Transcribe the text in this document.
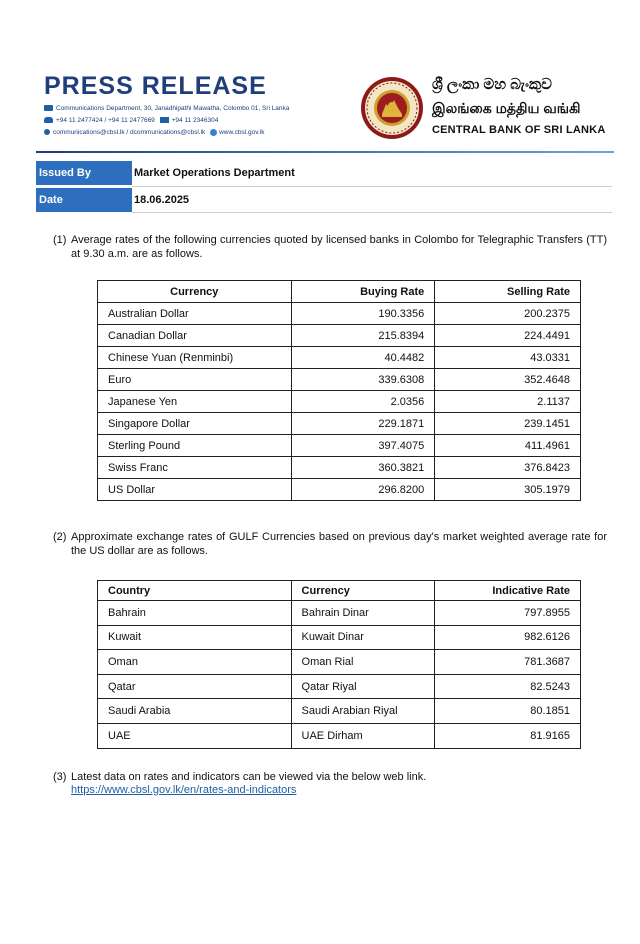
PRESS RELEASE
Communications Department, 30, Janadhipathi Mawatha, Colombo 01, Sri Lanka
+94 11 2477424 / +94 11 2477669	+94 11 2346304
communications@cbsl.lk / dcommunications@cbsl.lk www.cbsl.gov.lk
ශ්‍රී ලංකා මහ බැංකුව
இலங்கை மத்திய வங்கி
CENTRAL BANK OF SRI LANKA
Issued By	Market Operations Department
Date	18.06.2025
(1) Average rates of the following currencies quoted by licensed banks in Colombo for Telegraphic Transfers (TT) at 9.30 a.m. are as follows.
Currency	Buying Rate	Selling Rate
Australian Dollar	190.3356	200.2375
Canadian Dollar	215.8394	224.4491
Chinese Yuan (Renminbi)	40.4482	43.0331
Euro	339.6308	352.4648
Japanese Yen	2.0356	2.1137
Singapore Dollar	229.1871	239.1451
Sterling Pound	397.4075	411.4961
Swiss Franc	360.3821	376.8423
US Dollar	296.8200	305.1979
(2) Approximate exchange rates of GULF Currencies based on previous day's market weighted average rate for the US dollar are as follows.
Country	Currency	Indicative Rate
Bahrain	Bahrain Dinar	797.8955
Kuwait	Kuwait Dinar	982.6126
Oman	Oman Rial	781.3687
Qatar	Qatar Riyal	82.5243
Saudi Arabia	Saudi Arabian Riyal	80.1851
UAE	UAE Dirham	81.9165
(3) Latest data on rates and indicators can be viewed via the below web link.
https://www.cbsl.gov.lk/en/rates-and-indicators
